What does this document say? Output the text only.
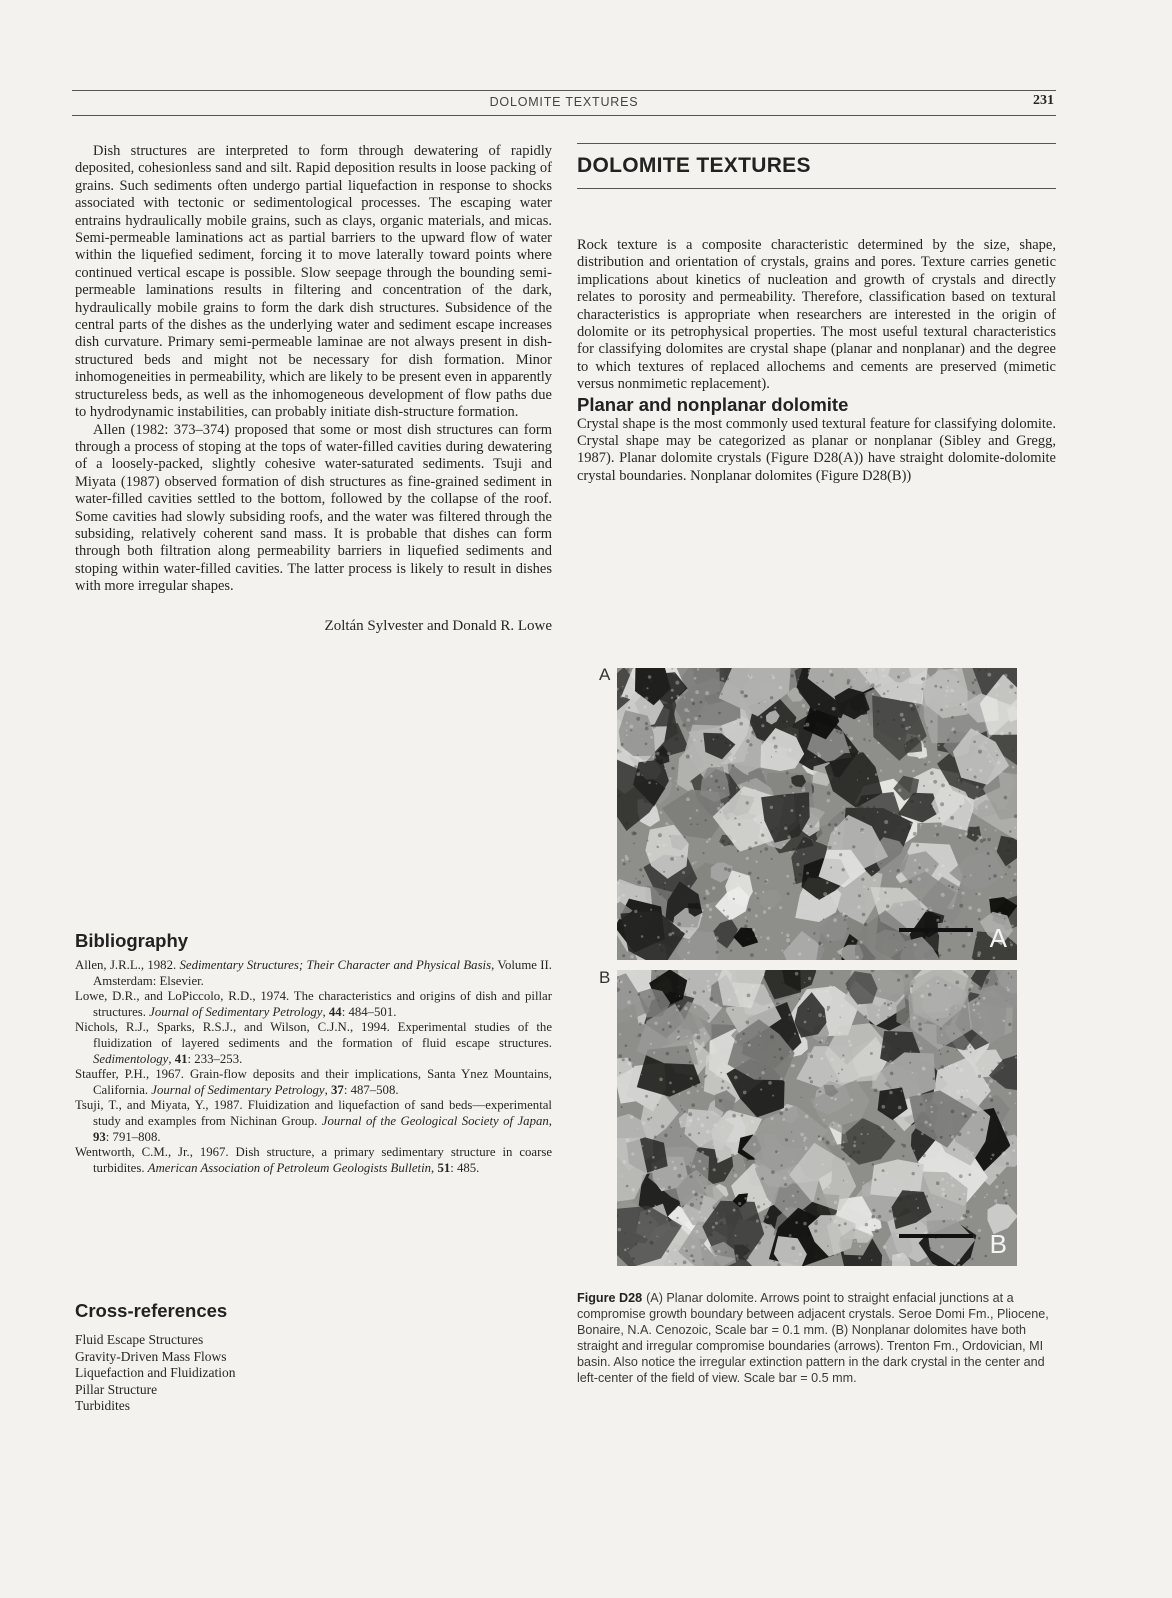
DOLOMITE TEXTURES	231

Dish structures are interpreted to form through dewatering of rapidly deposited, cohesionless sand and silt. Rapid deposition results in loose packing of grains. Such sediments often undergo partial liquefaction in response to shocks associated with tectonic or sedimentological processes. The escaping water entrains hydraulically mobile grains, such as clays, organic materials, and micas. Semi-permeable laminations act as partial barriers to the upward flow of water within the liquefied sediment, forcing it to move laterally toward points where continued vertical escape is possible. Slow seepage through the bounding semi-permeable laminations results in filtering and concentration of the dark, hydraulically mobile grains to form the dark dish structures. Subsidence of the central parts of the dishes as the underlying water and sediment escape increases dish curvature. Primary semi-permeable laminae are not always present in dish-structured beds and might not be necessary for dish formation. Minor inhomogeneities in permeability, which are likely to be present even in apparently structureless beds, as well as the inhomogeneous development of flow paths due to hydrodynamic instabilities, can probably initiate dish-structure formation.

Allen (1982: 373–374) proposed that some or most dish structures can form through a process of stoping at the tops of water-filled cavities during dewatering of a loosely-packed, slightly cohesive water-saturated sediments. Tsuji and Miyata (1987) observed formation of dish structures as fine-grained sediment in water-filled cavities settled to the bottom, followed by the collapse of the roof. Some cavities had slowly subsiding roofs, and the water was filtered through the subsiding, relatively coherent sand mass. It is probable that dishes can form through both filtration along permeability barriers in liquefied sediments and stoping within water-filled cavities. The latter process is likely to result in dishes with more irregular shapes.

Zoltán Sylvester and Donald R. Lowe
Bibliography

Allen, J.R.L., 1982. Sedimentary Structures; Their Character and Physical Basis, Volume II. Amsterdam: Elsevier.

Lowe, D.R., and LoPiccolo, R.D., 1974. The characteristics and origins of dish and pillar structures. Journal of Sedimentary Petrology, 44: 484–501.

Nichols, R.J., Sparks, R.S.J., and Wilson, C.J.N., 1994. Experimental studies of the fluidization of layered sediments and the formation of fluid escape structures. Sedimentology, 41: 233–253.

Stauffer, P.H., 1967. Grain-flow deposits and their implications, Santa Ynez Mountains, California. Journal of Sedimentary Petrology, 37: 487–508.

Tsuji, T., and Miyata, Y., 1987. Fluidization and liquefaction of sand beds—experimental study and examples from Nichinan Group. Journal of the Geological Society of Japan, 93: 791–808.

Wentworth, C.M., Jr., 1967. Dish structure, a primary sedimentary structure in coarse turbidites. American Association of Petroleum Geologists Bulletin, 51: 485.

Cross-references

Fluid Escape Structures

Gravity-Driven Mass Flows

Liquefaction and Fluidization

Pillar Structure

Turbidites

DOLOMITE TEXTURES

Rock texture is a composite characteristic determined by the size, shape, distribution and orientation of crystals, grains and pores. Texture carries genetic implications about kinetics of nucleation and growth of crystals and directly relates to porosity and permeability. Therefore, classification based on textural characteristics is appropriate when researchers are interested in the origin of dolomite or its petrophysical properties. The most useful textural characteristics for classifying dolomites are crystal shape (planar and nonplanar) and the degree to which textures of replaced allochems and cements are preserved (mimetic versus nonmimetic replacement).

Planar and nonplanar dolomite

Crystal shape is the most commonly used textural feature for classifying dolomite. Crystal shape may be categorized as planar or nonplanar (Sibley and Gregg, 1987). Planar dolomite crystals (Figure D28(A)) have straight dolomite-dolomite crystal boundaries. Nonplanar dolomites (Figure D28(B))

A
A
B
B
Figure D28 (A) Planar dolomite. Arrows point to straight enfacial junctions at a compromise growth boundary between adjacent crystals. Seroe Domi Fm., Pliocene, Bonaire, N.A. Cenozoic, Scale bar = 0.1 mm. (B) Nonplanar dolomites have both straight and irregular compromise boundaries (arrows). Trenton Fm., Ordovician, MI basin. Also notice the irregular extinction pattern in the dark crystal in the center and left-center of the field of view. Scale bar = 0.5 mm.
